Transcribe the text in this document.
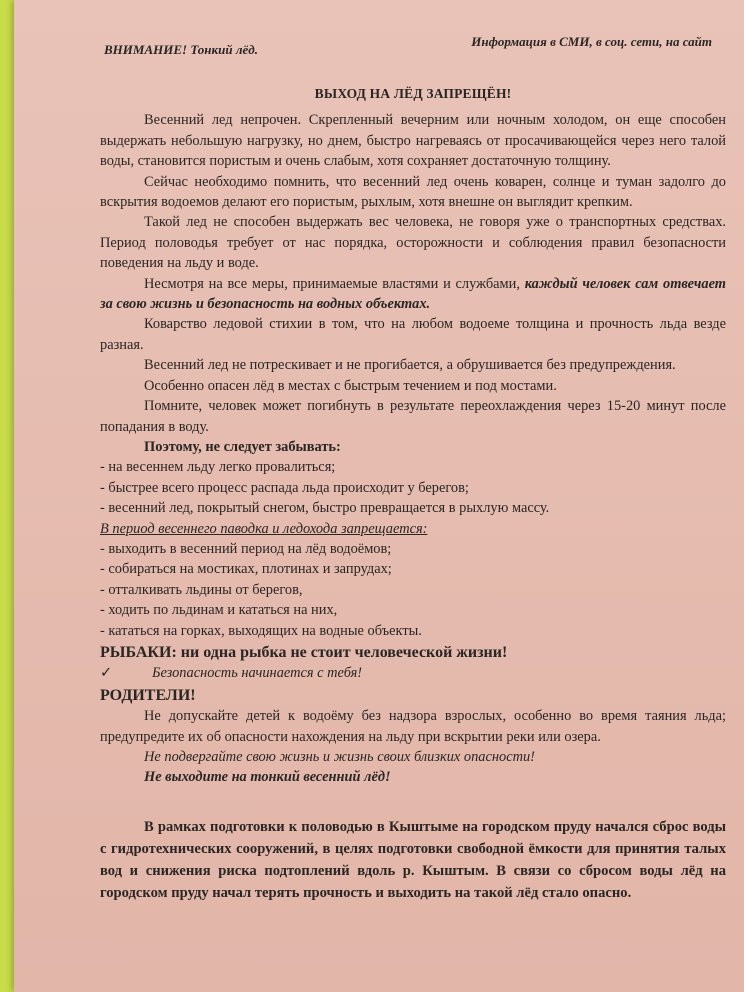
ВНИМАНИЕ! Тонкий лёд.
Информация в СМИ, в соц. сети, на сайт
ВЫХОД НА ЛЁД ЗАПРЕЩЁН!

Весенний лед непрочен. Скрепленный вечерним или ночным холодом, он еще способен выдержать небольшую нагрузку, но днем, быстро нагреваясь от просачивающейся через него талой воды, становится пористым и очень слабым, хотя сохраняет достаточную толщину.

Сейчас необходимо помнить, что весенний лед очень коварен, солнце и туман задолго до вскрытия водоемов делают его пористым, рыхлым, хотя внешне он выглядит крепким.

Такой лед не способен выдержать вес человека, не говоря уже о транспортных средствах. Период половодья требует от нас порядка, осторожности и соблюдения правил безопасности поведения на льду и воде.

Несмотря на все меры, принимаемые властями и службами, каждый человек сам отвечает за свою жизнь и безопасность на водных объектах.

Коварство ледовой стихии в том, что на любом водоеме толщина и прочность льда везде разная.

Весенний лед не потрескивает и не прогибается, а обрушивается без предупреждения.

Особенно опасен лёд в местах с быстрым течением и под мостами.

Помните, человек может погибнуть в результате переохлаждения через 15-20 минут после попадания в воду.

Поэтому, не следует забывать:

- на весеннем льду легко провалиться;

- быстрее всего процесс распада льда происходит у берегов;

- весенний лед, покрытый снегом, быстро превращается в рыхлую массу.

В период весеннего паводка и ледохода запрещается:

- выходить в весенний период на лёд водоёмов;

- собираться на мостиках, плотинах и запрудах;

- отталкивать льдины от берегов,

- ходить по льдинам и кататься на них,

- кататься на горках, выходящих на водные объекты.

РЫБАКИ: ни одна рыбка не стоит человеческой жизни!

✓	Безопасность начинается с тебя!

РОДИТЕЛИ!

Не допускайте детей к водоёму без надзора взрослых, особенно во время таяния льда; предупредите их об опасности нахождения на льду при вскрытии реки или озера.

Не подвергайте свою жизнь и жизнь своих близких опасности!

Не выходите на тонкий весенний лёд!

В рамках подготовки к половодью в Кыштыме на городском пруду начался сброс воды с гидротехнических сооружений, в целях подготовки свободной ёмкости для принятия талых вод и снижения риска подтоплений вдоль р. Кыштым. В связи со сбросом воды лёд на городском пруду начал терять прочность и выходить на такой лёд стало опасно.
